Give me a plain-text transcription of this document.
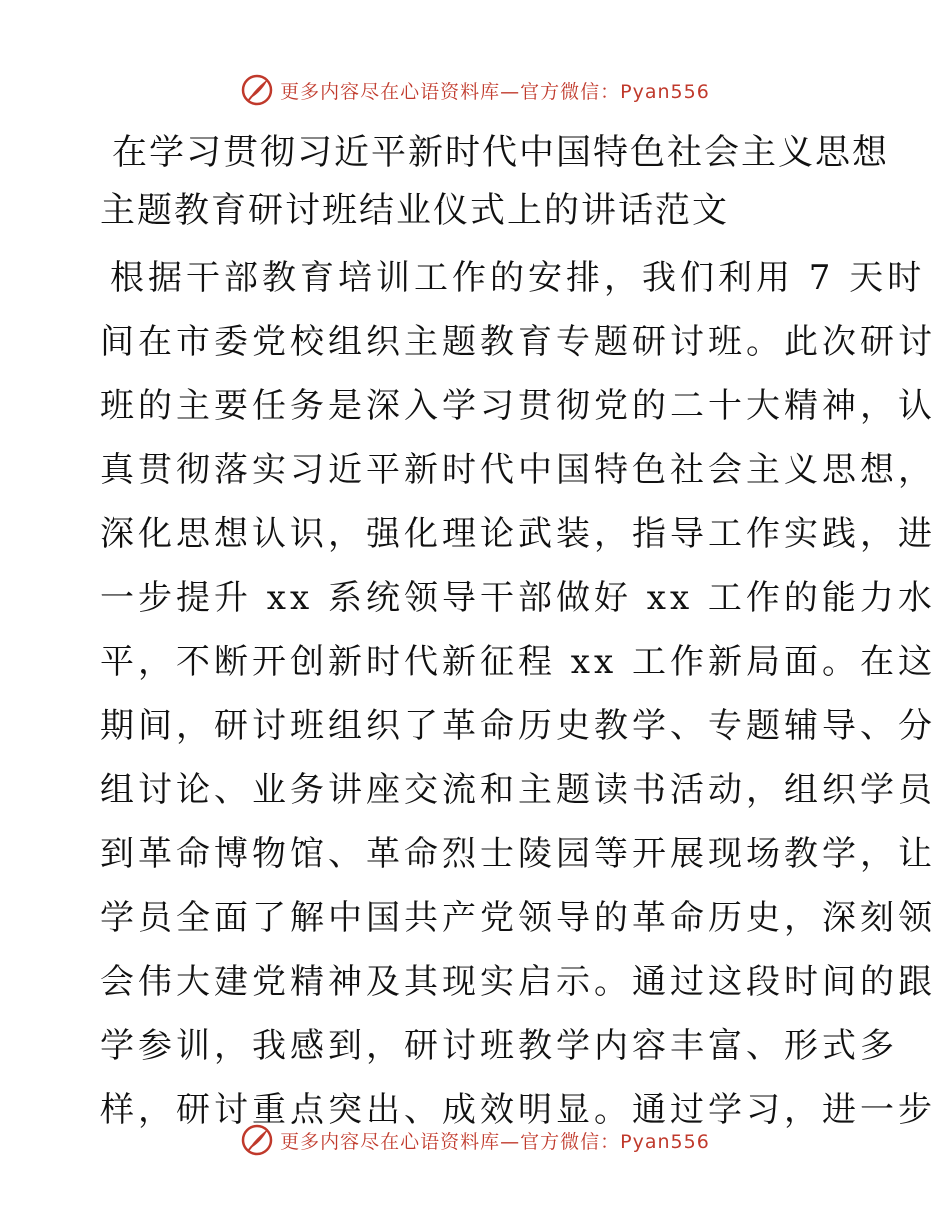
更多内容尽在心语资料库—官方微信：Pyan556
在学习贯彻习近平新时代中国特色社会主义思想
主题教育研讨班结业仪式上的讲话范文
根据干部教育培训工作的安排，我们利用 7 天时
间在市委党校组织主题教育专题研讨班。此次研讨
班的主要任务是深入学习贯彻党的二十大精神，认
真贯彻落实习近平新时代中国特色社会主义思想，
深化思想认识，强化理论武装，指导工作实践，进
一步提升 xx 系统领导干部做好 xx 工作的能力水
平，不断开创新时代新征程 xx 工作新局面。在这
期间，研讨班组织了革命历史教学、专题辅导、分
组讨论、业务讲座交流和主题读书活动，组织学员
到革命博物馆、革命烈士陵园等开展现场教学，让
学员全面了解中国共产党领导的革命历史，深刻领
会伟大建党精神及其现实启示。通过这段时间的跟
学参训，我感到，研讨班教学内容丰富、形式多
样，研讨重点突出、成效明显。通过学习，进一步
更多内容尽在心语资料库—官方微信：Pyan556
